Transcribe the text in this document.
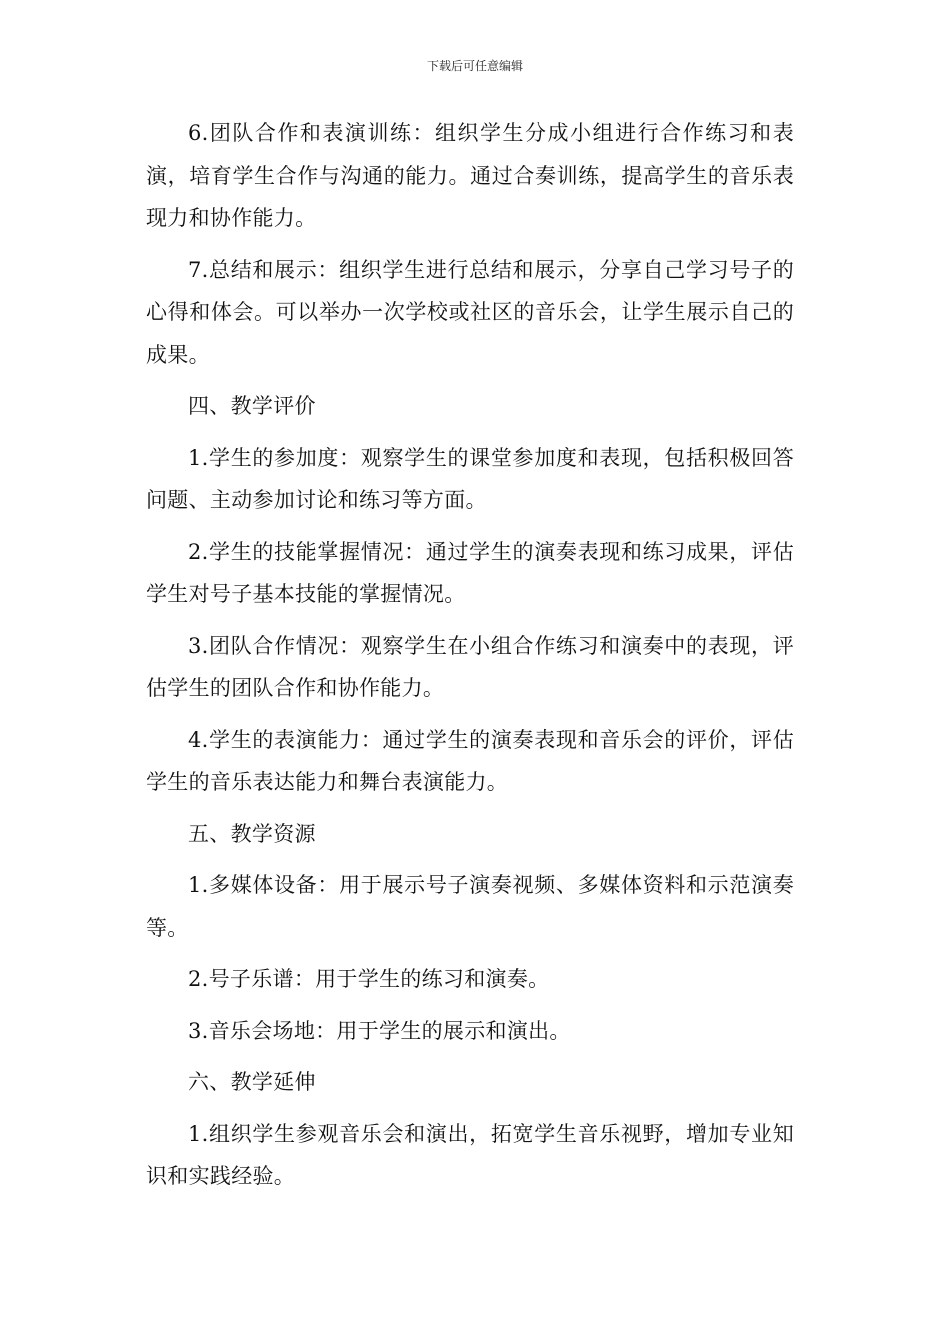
下载后可任意编辑

6.团队合作和表演训练：组织学生分成小组进行合作练习和表演，培育学生合作与沟通的能力。通过合奏训练，提高学生的音乐表现力和协作能力。

7.总结和展示：组织学生进行总结和展示，分享自己学习号子的心得和体会。可以举办一次学校或社区的音乐会，让学生展示自己的成果。

四、教学评价

1.学生的参加度：观察学生的课堂参加度和表现，包括积极回答问题、主动参加讨论和练习等方面。

2.学生的技能掌握情况：通过学生的演奏表现和练习成果，评估学生对号子基本技能的掌握情况。

3.团队合作情况：观察学生在小组合作练习和演奏中的表现，评估学生的团队合作和协作能力。

4.学生的表演能力：通过学生的演奏表现和音乐会的评价，评估学生的音乐表达能力和舞台表演能力。

五、教学资源

1.多媒体设备：用于展示号子演奏视频、多媒体资料和示范演奏等。

2.号子乐谱：用于学生的练习和演奏。

3.音乐会场地：用于学生的展示和演出。

六、教学延伸

1.组织学生参观音乐会和演出，拓宽学生音乐视野，增加专业知识和实践经验。
